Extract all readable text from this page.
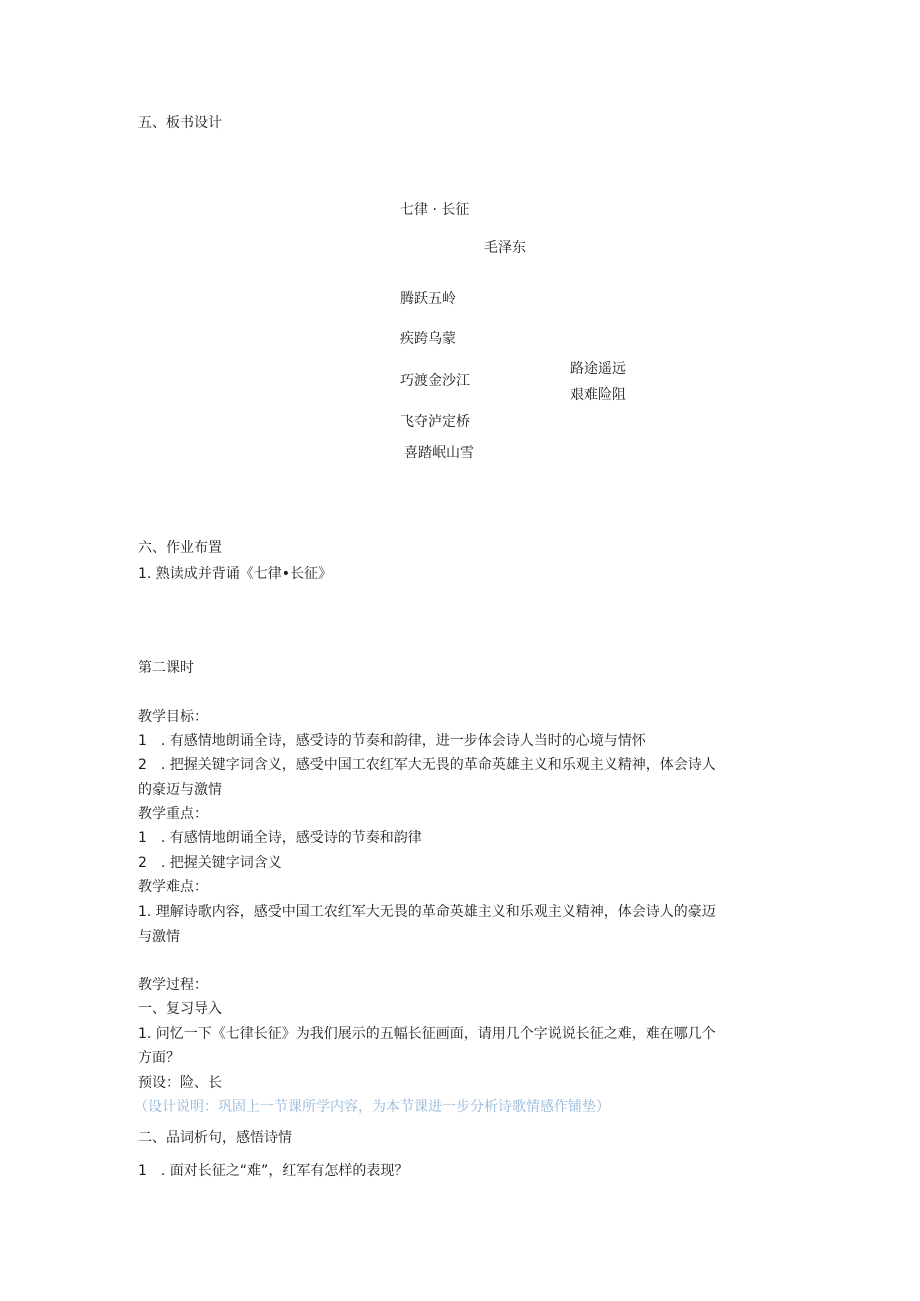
五、板书设计
七律 · 长征
毛泽东
腾跃五岭
疾跨乌蒙
巧渡金沙江
飞夺泸定桥
喜踏岷山雪
路途遥远
艰难险阻
六、作业布置
1. 熟读成并背诵《七律•长征》
第二课时
教学目标：
1　. 有感情地朗诵全诗，感受诗的节奏和韵律，进一步体会诗人当时的心境与情怀
2　. 把握关键字词含义，感受中国工农红军大无畏的革命英雄主义和乐观主义精神，体会诗人
的豪迈与激情
教学重点：
1　. 有感情地朗诵全诗，感受诗的节奏和韵律
2　. 把握关键字词含义
教学难点：
1. 理解诗歌内容，感受中国工农红军大无畏的革命英雄主义和乐观主义精神，体会诗人的豪迈
与激情
教学过程：
一、复习导入
1. 问忆一下《七律长征》为我们展示的五幅长征画面，请用几个字说说长征之难，难在哪几个
方面？
预设：险、长
（设计说明：巩固上一节课所学内容，为本节课进一步分析诗歌情感作铺垫）
二、品词析句，感悟诗情
1　. 面对长征之“难”，红军有怎样的表现？
